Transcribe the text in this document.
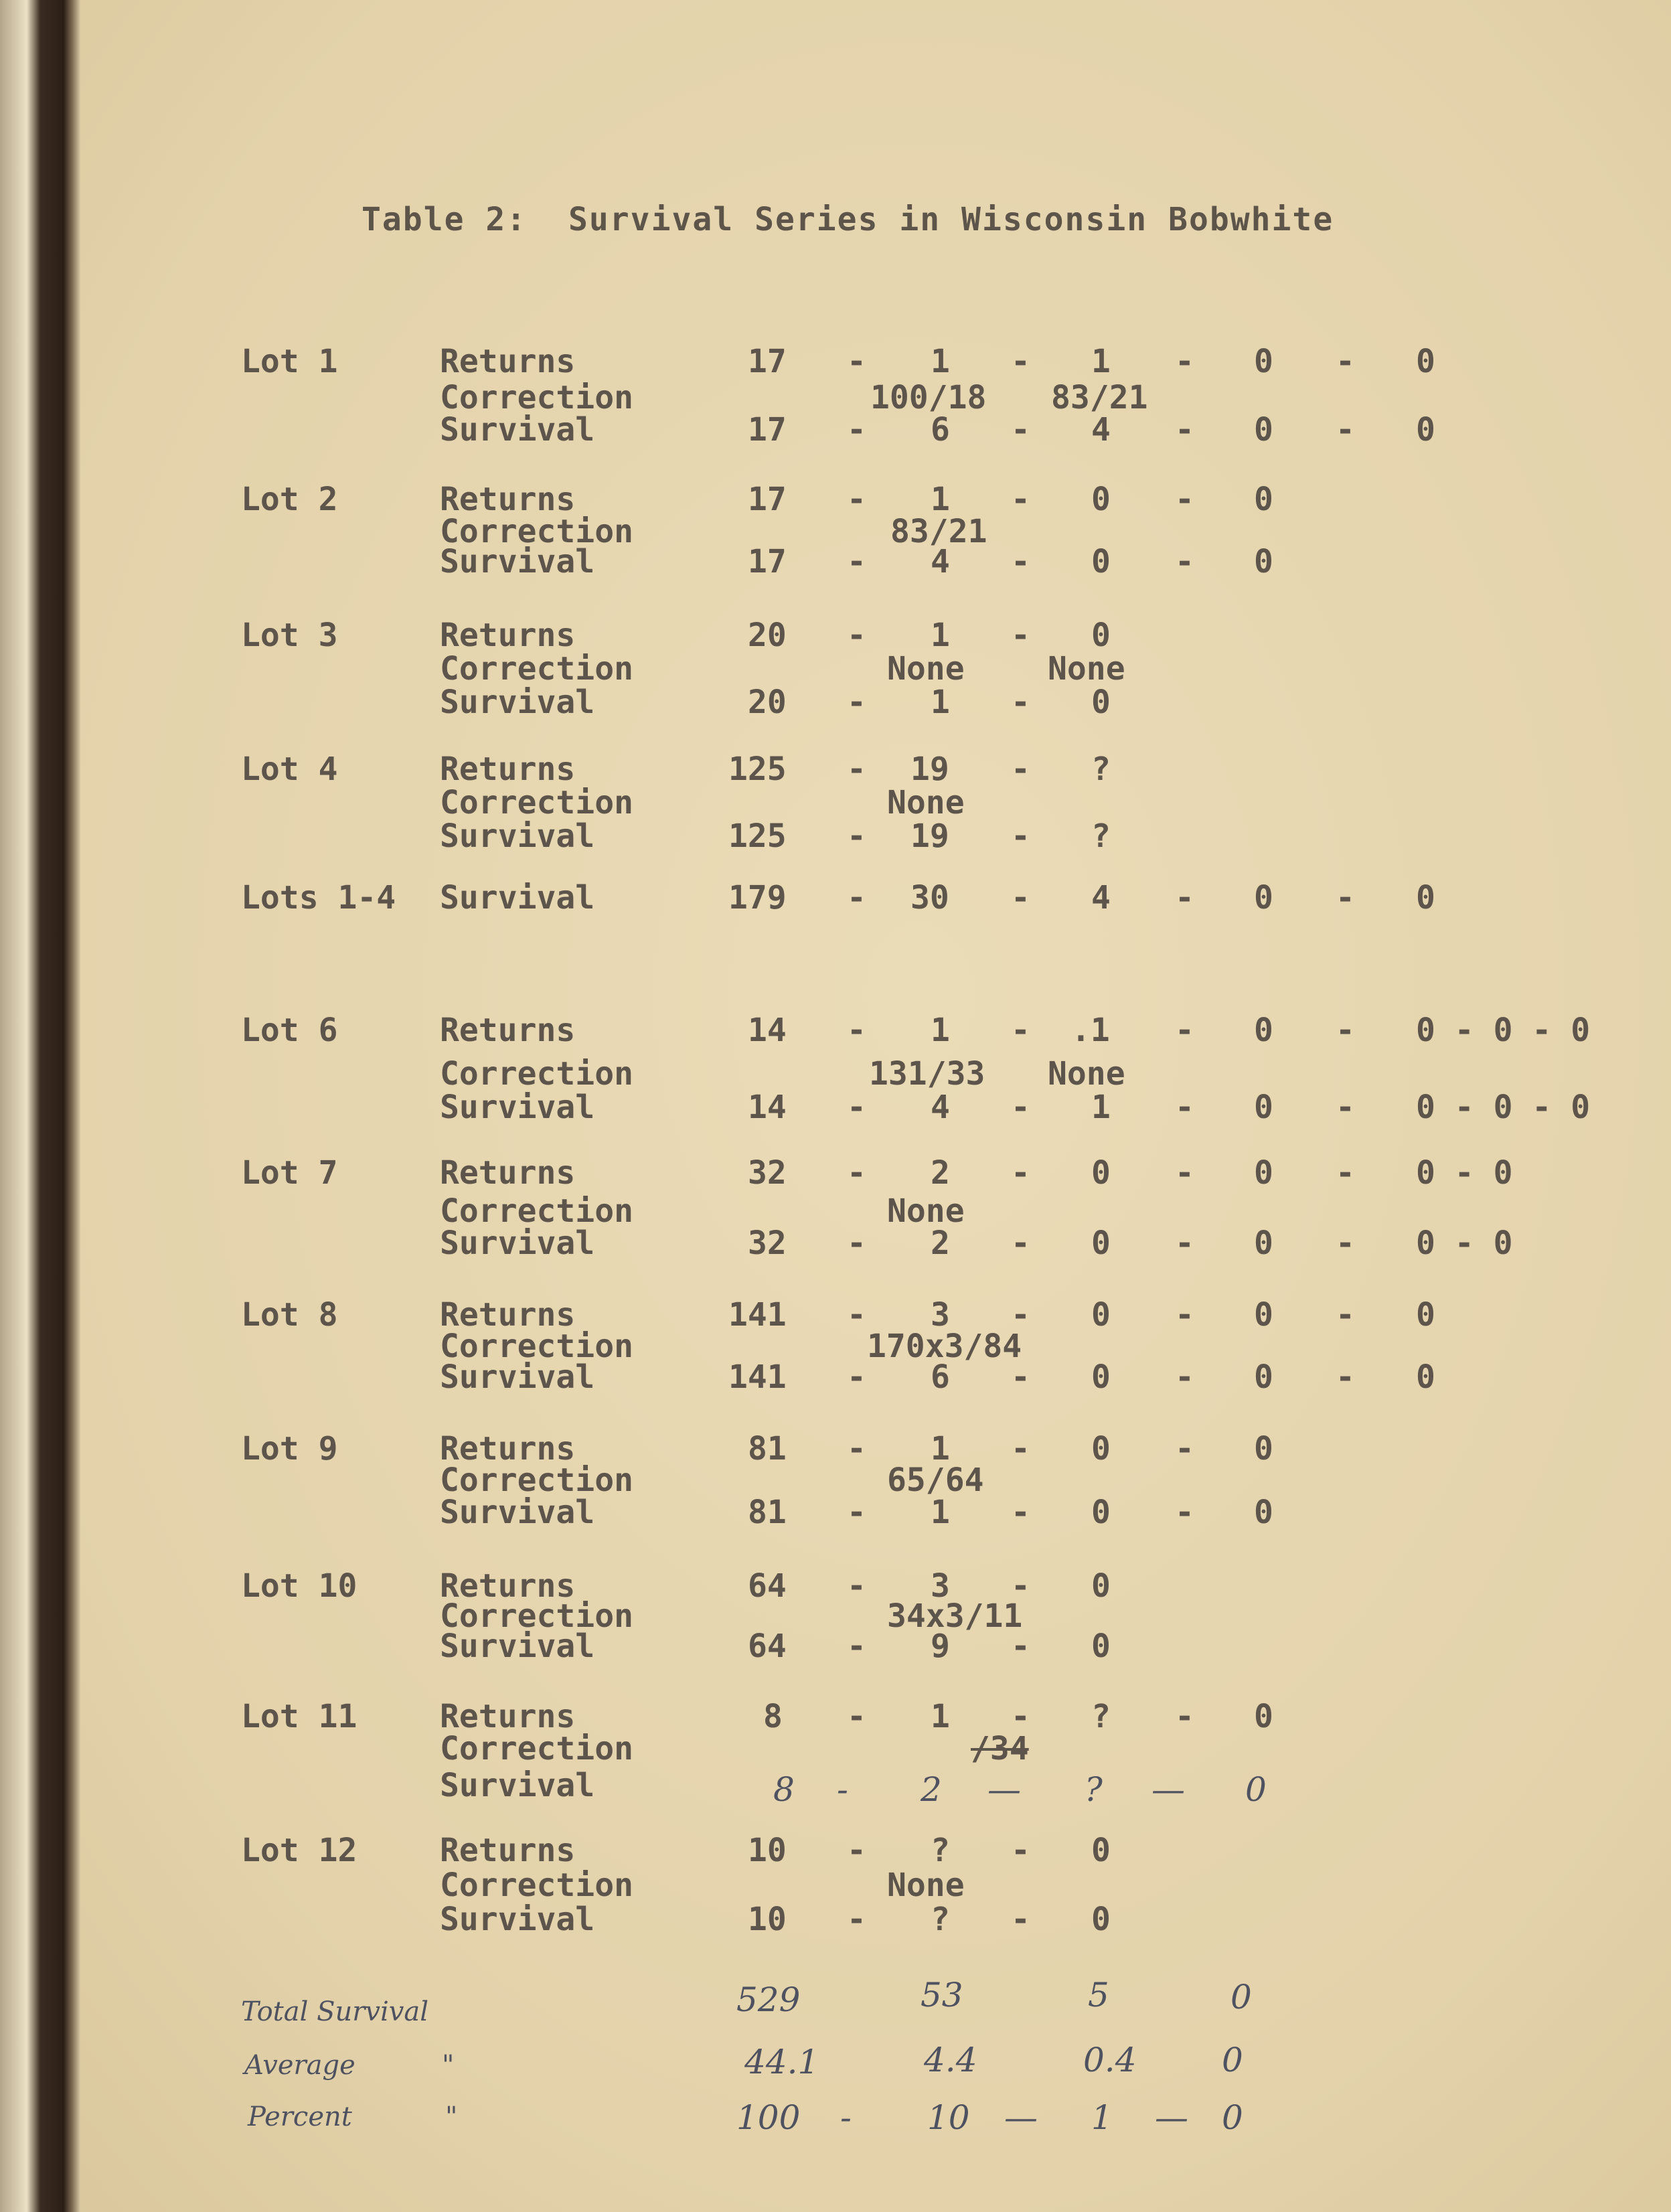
Table 2:  Survival Series in Wisconsin Bobwhite
Lot 1	Returns	17 - 1 - 1 - 0 - 0
Correction	100/18 83/21
Survival	17 - 6 - 4 - 0 - 0
Lot 2	Returns	17 - 1 - 0 - 0
Correction	83/21
Survival	17 - 4 - 0 - 0
Lot 3	Returns	20 - 1 - 0
Correction	None	None
Survival	20 - 1 - 0
Lot 4	Returns	125 - 19 - ?
Correction	None
Survival	125 - 19 - ?
Lots 1-4 Survival	179 - 30 - 4 - 0 - 0
Lot 6	Returns	14 - 1 - .1 - 0 - 0 - 0 - 0
Correction	131/33 None
Survival	14 - 4 - 1 - 0 - 0 - 0 - 0
Lot 7	Returns	32 - 2 - 0 - 0 - 0 - 0
Correction	None
Survival	32 - 2 - 0 - 0 - 0 - 0
Lot 8	Returns	141 - 3 - 0 - 0 - 0
Correction	170x3/84
Survival	141 - 6 - 0 - 0 - 0
Lot 9	Returns	81 - 1 - 0 - 0
Correction	65/64
Survival	81 - 1 - 0 - 0
Lot 10	Returns	64 - 3 - 0
Correction	34x3/11
Survival	64 - 9 - 0
Lot 11	Returns	8 - 1 - ? - 0
Correction	/34
Survival	8 - 2 — ? — 0
Lot 12	Returns	10 - ? - 0
Correction	None
Survival	10 - ? - 0
Total Survival	529	53	5	0
Average	"	44.1	4.4	0.4	0
Percent	"	100 - 10 — 1 — 0
